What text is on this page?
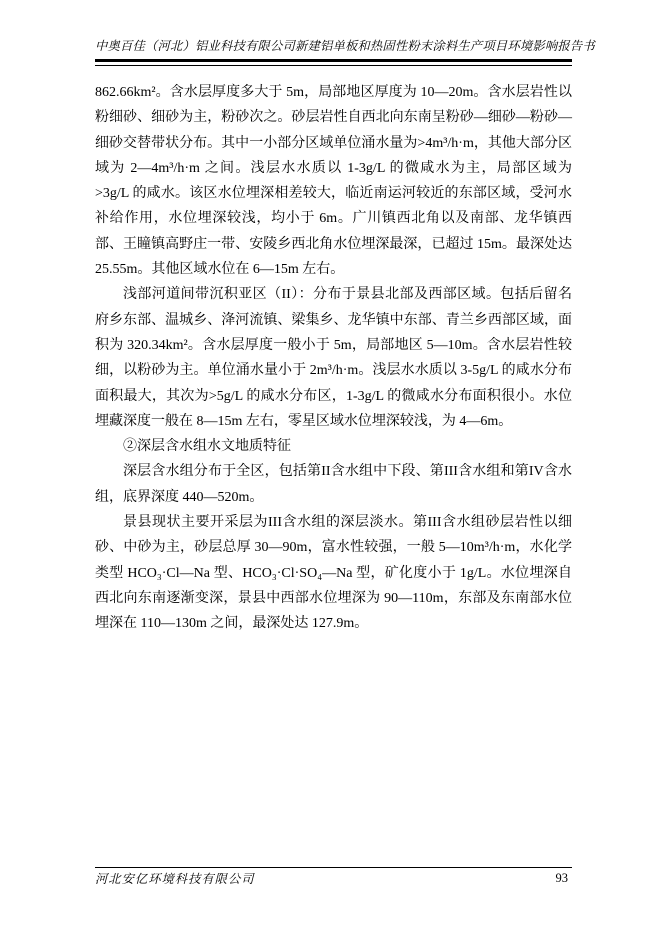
中奥百佳（河北）铝业科技有限公司新建铝单板和热固性粉末涂料生产项目环境影响报告书

862.66km²。含水层厚度多大于 5m，局部地区厚度为 10—20m。含水层岩性以粉细砂、细砂为主，粉砂次之。砂层岩性自西北向东南呈粉砂—细砂—粉砂—细砂交替带状分布。其中一小部分区域单位涌水量为>4m³/h·m，其他大部分区域为 2—4m³/h·m 之间。浅层水水质以 1-3g/L 的微咸水为主，局部区域为>3g/L 的咸水。该区水位埋深相差较大，临近南运河较近的东部区域，受河水补给作用，水位埋深较浅，均小于 6m。广川镇西北角以及南部、龙华镇西部、王瞳镇高野庄一带、安陵乡西北角水位埋深最深，已超过 15m。最深处达 25.55m。其他区域水位在 6—15m 左右。

浅部河道间带沉积亚区（II）：分布于景县北部及西部区域。包括后留名府乡东部、温城乡、洚河流镇、梁集乡、龙华镇中东部、青兰乡西部区域，面积为 320.34km²。含水层厚度一般小于 5m，局部地区 5—10m。含水层岩性较细，以粉砂为主。单位涌水量小于 2m³/h·m。浅层水水质以 3-5g/L 的咸水分布面积最大，其次为>5g/L 的咸水分布区，1-3g/L 的微咸水分布面积很小。水位埋藏深度一般在 8—15m 左右，零星区域水位埋深较浅，为 4—6m。

②深层含水组水文地质特征

深层含水组分布于全区，包括第II含水组中下段、第III含水组和第IV含水组，底界深度 440—520m。

景县现状主要开采层为III含水组的深层淡水。第III含水组砂层岩性以细砂、中砂为主，砂层总厚 30—90m，富水性较强，一般 5—10m³/h·m，水化学类型 HCO₃·Cl—Na 型、HCO₃·Cl·SO₄—Na 型，矿化度小于 1g/L。水位埋深自西北向东南逐渐变深，景县中西部水位埋深为 90—110m，东部及东南部水位埋深在 110—130m 之间，最深处达 127.9m。

河北安亿环境科技有限公司	93
